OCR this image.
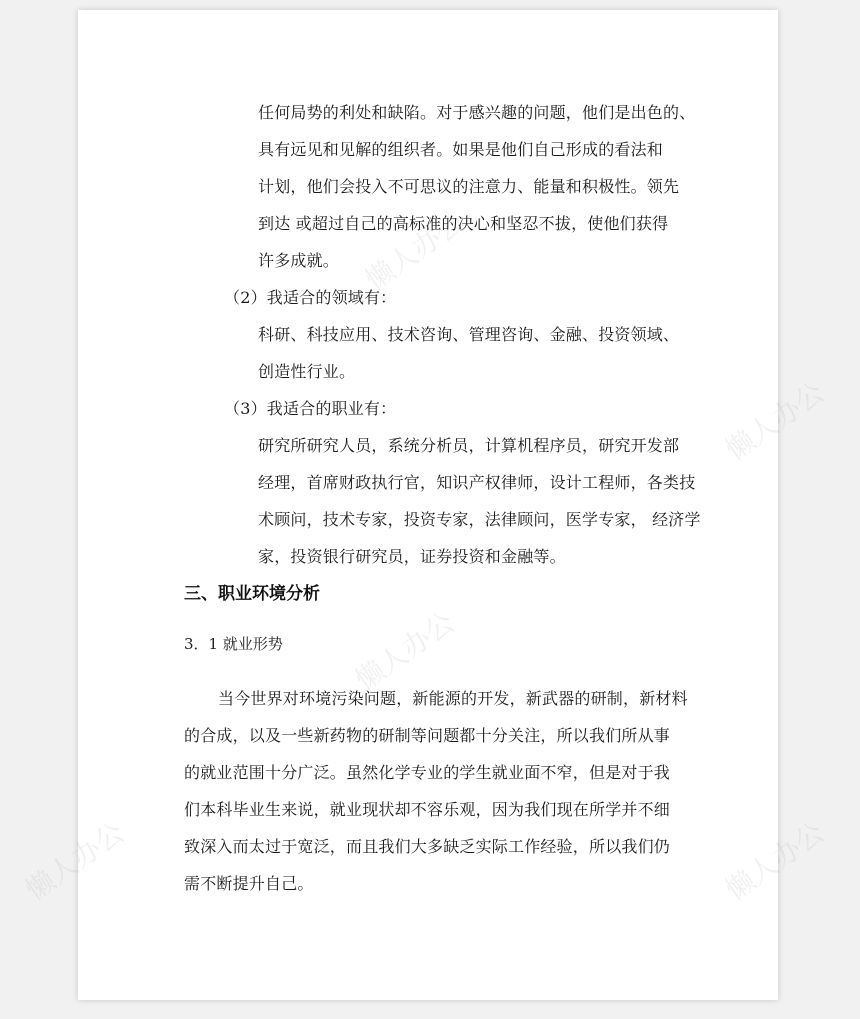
懒人办公
懒人办公
懒人办公
懒人办公
懒人办公
任何局势的利处和缺陷。对于感兴趣的问题，他们是出色的、
具有远见和见解的组织者。如果是他们自己形成的看法和
计划，他们会投入不可思议的注意力、能量和积极性。领先
到达 或超过自己的高标准的决心和坚忍不拔，使他们获得
许多成就。
（2）我适合的领域有：
科研、科技应用、技术咨询、管理咨询、金融、投资领域、
创造性行业。
（3）我适合的职业有：
研究所研究人员，系统分析员，计算机程序员，研究开发部
经理，首席财政执行官，知识产权律师，设计工程师，各类技
术顾问，技术专家，投资专家，法律顾问，医学专家， 经济学
家，投资银行研究员，证券投资和金融等。
三、职业环境分析
3．1 就业形势
当今世界对环境污染问题，新能源的开发，新武器的研制，新材料
的合成，以及一些新药物的研制等问题都十分关注，所以我们所从事
的就业范围十分广泛。虽然化学专业的学生就业面不窄，但是对于我
们本科毕业生来说，就业现状却不容乐观，因为我们现在所学并不细
致深入而太过于宽泛，而且我们大多缺乏实际工作经验，所以我们仍
需不断提升自己。
